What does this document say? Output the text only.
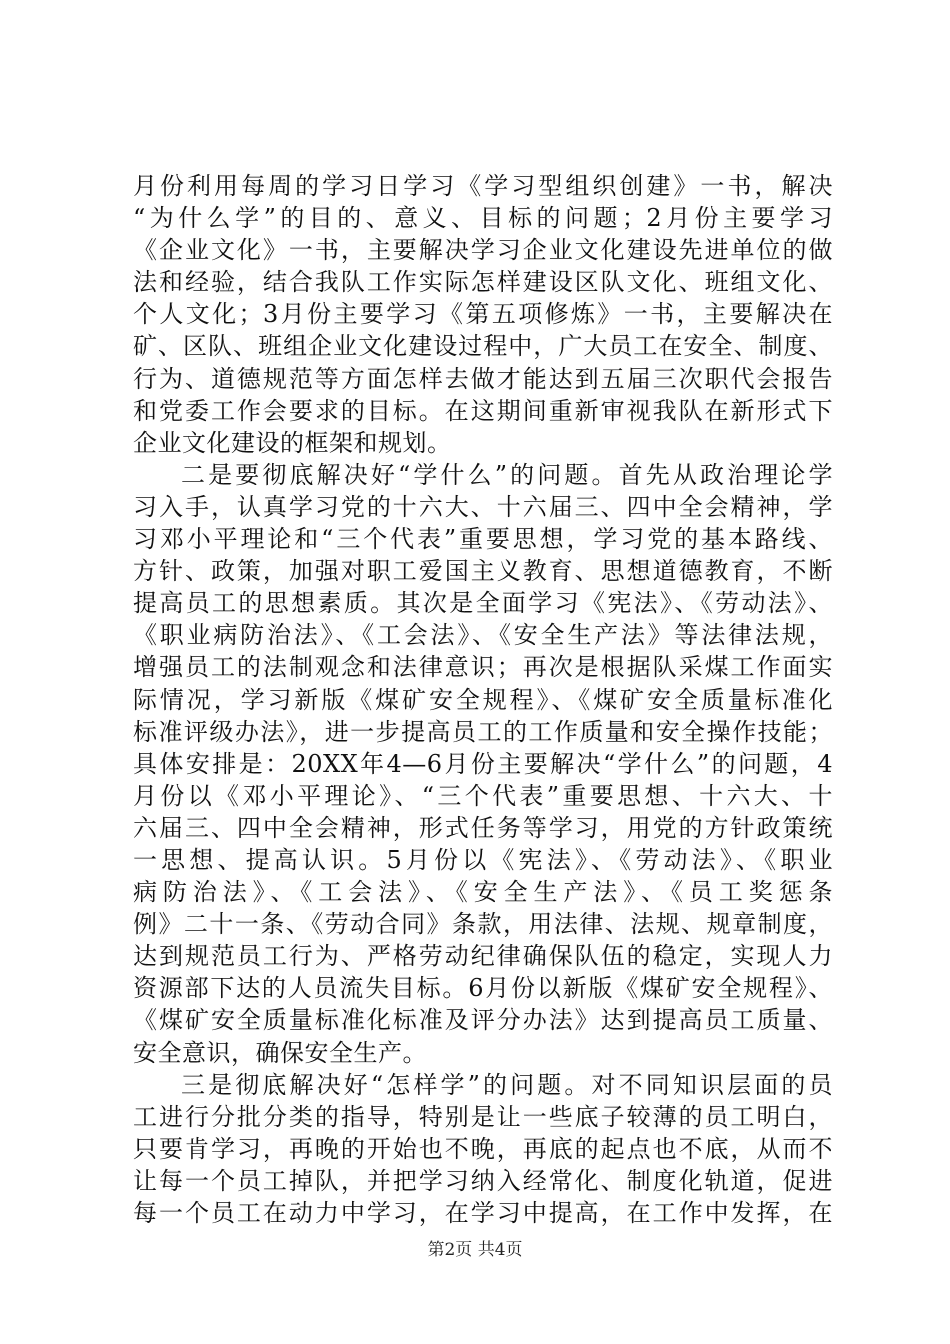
月份利用每周的学习日学习《学习型组织创建》一书，解决
“为什么学”的目的、意义、目标的问题；2月份主要学习
《企业文化》一书，主要解决学习企业文化建设先进单位的做
法和经验，结合我队工作实际怎样建设区队文化、班组文化、
个人文化；3月份主要学习《第五项修炼》一书，主要解决在
矿、区队、班组企业文化建设过程中，广大员工在安全、制度、
行为、道德规范等方面怎样去做才能达到五届三次职代会报告
和党委工作会要求的目标。在这期间重新审视我队在新形式下
企业文化建设的框架和规划。
二是要彻底解决好“学什么”的问题。首先从政治理论学
习入手，认真学习党的十六大、十六届三、四中全会精神，学
习邓小平理论和“三个代表”重要思想，学习党的基本路线、
方针、政策，加强对职工爱国主义教育、思想道德教育，不断
提高员工的思想素质。其次是全面学习《宪法》、《劳动法》、
《职业病防治法》、《工会法》、《安全生产法》等法律法规，
增强员工的法制观念和法律意识；再次是根据队采煤工作面实
际情况，学习新版《煤矿安全规程》、《煤矿安全质量标准化
标准评级办法》，进一步提高员工的工作质量和安全操作技能；
具体安排是：20XX年4—6月份主要解决“学什么”的问题，4
月份以《邓小平理论》、“三个代表”重要思想、十六大、十
六届三、四中全会精神，形式任务等学习，用党的方针政策统
一思想、提高认识。5月份以《宪法》、《劳动法》、《职业
病防治法》、《工会法》、《安全生产法》、《员工奖惩条
例》二十一条、《劳动合同》条款，用法律、法规、规章制度，
达到规范员工行为、严格劳动纪律确保队伍的稳定，实现人力
资源部下达的人员流失目标。6月份以新版《煤矿安全规程》、
《煤矿安全质量标准化标准及评分办法》达到提高员工质量、
安全意识，确保安全生产。
三是彻底解决好“怎样学”的问题。对不同知识层面的员
工进行分批分类的指导，特别是让一些底子较薄的员工明白，
只要肯学习，再晚的开始也不晚，再底的起点也不底，从而不
让每一个员工掉队，并把学习纳入经常化、制度化轨道，促进
每一个员工在动力中学习，在学习中提高，在工作中发挥，在
第2页 共4页
